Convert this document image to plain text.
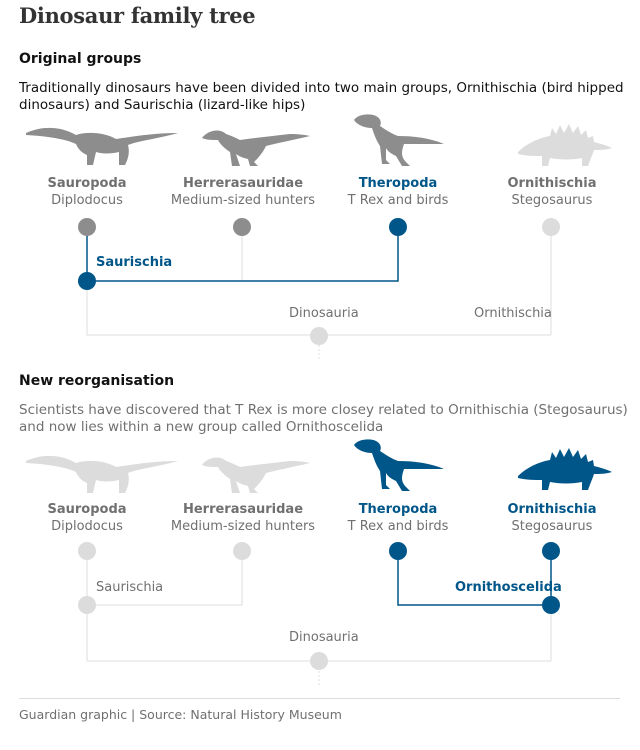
Dinosaur family tree
Original groups
Traditionally dinosaurs have been divided into two main groups, Ornithischia (bird hipped dinosaurs) and Saurischia (lizard-like hips)
Sauropoda
Diplodocus
Herrerasauridae
Medium-sized hunters
Theropoda
T Rex and birds
Ornithischia
Stegosaurus
Saurischia
Dinosauria	Ornithischia
New reorganisation
Scientists have discovered that T Rex is more closey related to Ornithischia (Stegosaurus) and now lies within a new group called Ornithoscelida
Sauropoda
Diplodocus
Herrerasauridae
Medium-sized hunters
Theropoda
T Rex and birds
Ornithischia
Stegosaurus
Saurischia	Ornithoscelida
Dinosauria
Guardian graphic | Source: Natural History Museum
